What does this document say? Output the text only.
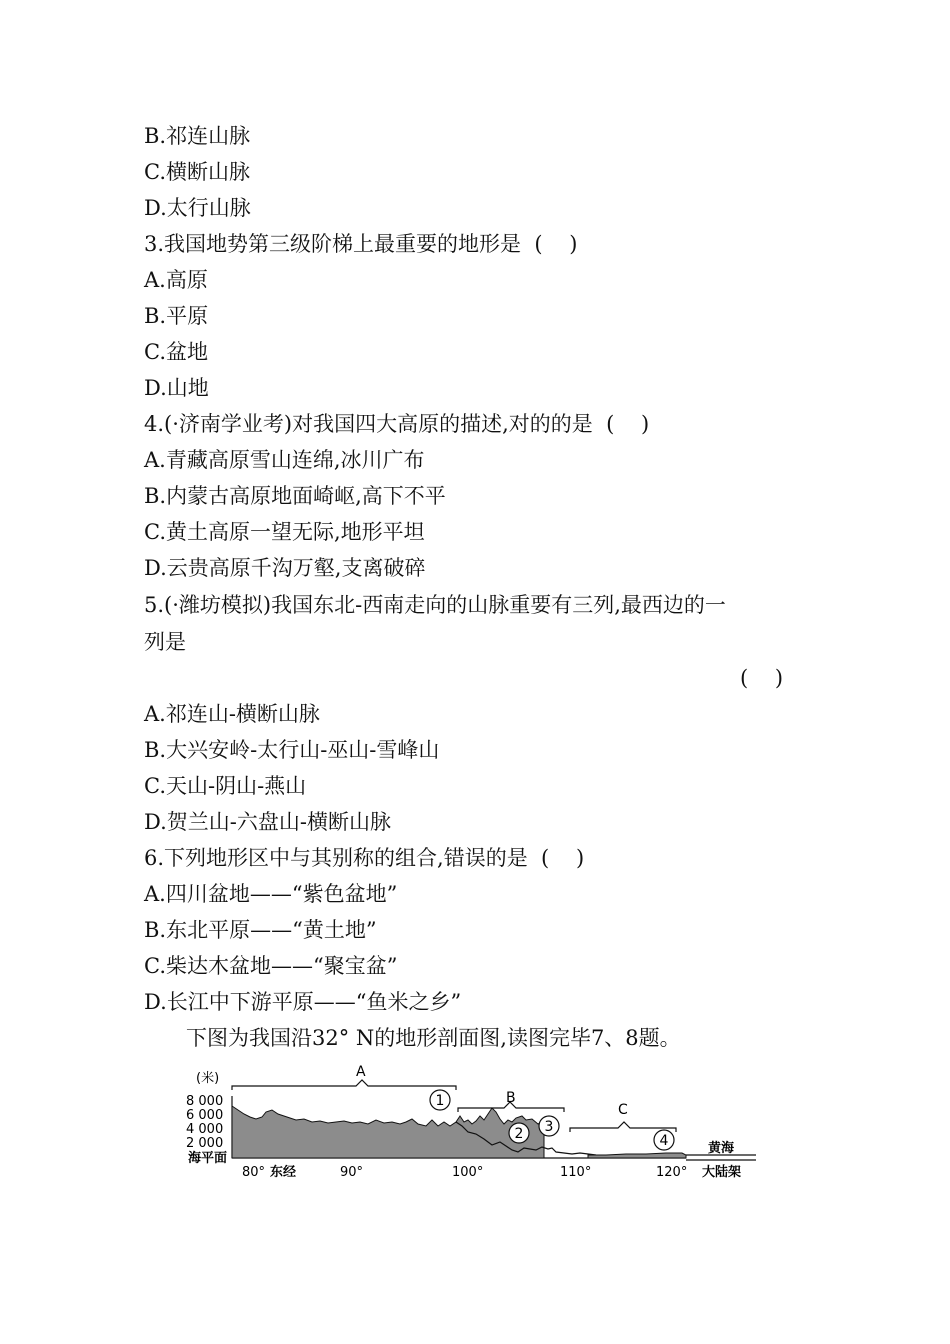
B.祁连山脉
C.横断山脉
D.太行山脉
3.我国地势第三级阶梯上最重要的地形是  (    )
A.高原
B.平原
C.盆地
D.山地
4.(·济南学业考)对我国四大高原的描述,对的的是  (    )
A.青藏高原雪山连绵,冰川广布
B.内蒙古高原地面崎岖,高下不平
C.黄土高原一望无际,地形平坦
D.云贵高原千沟万壑,支离破碎
5.(·潍坊模拟)我国东北-西南走向的山脉重要有三列,最西边的一
列是
(    )
A.祁连山-横断山脉
B.大兴安岭-太行山-巫山-雪峰山
C.天山-阴山-燕山
D.贺兰山-六盘山-横断山脉
6.下列地形区中与其别称的组合,错误的是  (    )
A.四川盆地——“紫色盆地”
B.东北平原——“黄土地”
C.柴达木盆地——“聚宝盆”
D.长江中下游平原——“鱼米之乡”
下图为我国沿32° N的地形剖面图,读图完毕7、8题。
(米)
8 000
6 000
4 000
2 000
海平面
A
B
C
1
2 3
4	黄海
大陆架
80° 东经	90°	100°	110°	120°
